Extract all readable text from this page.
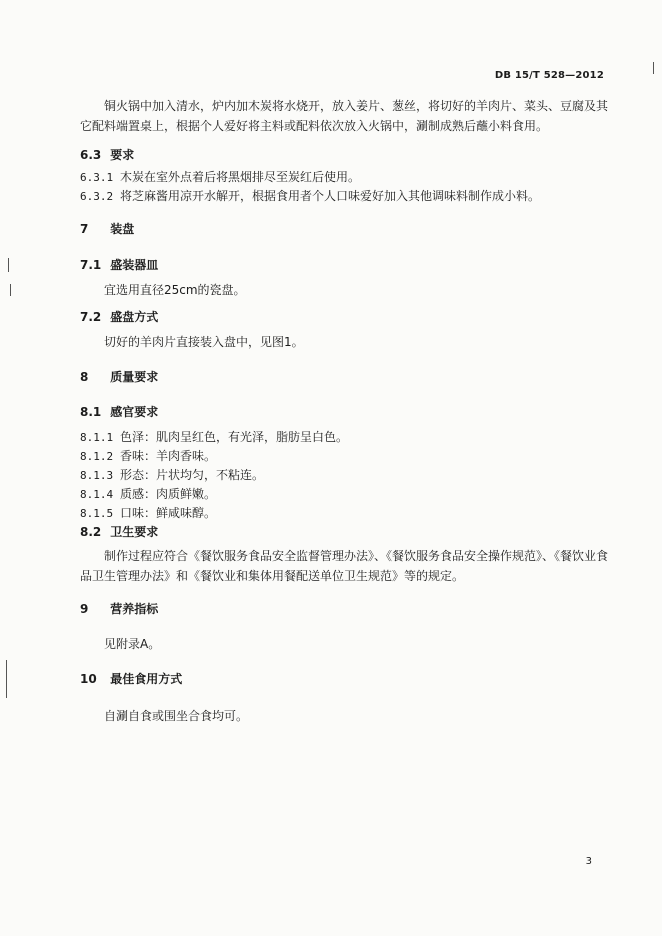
DB 15/T 528—2012

铜火锅中加入清水，炉内加木炭将水烧开，放入姜片、葱丝，将切好的羊肉片、菜头、豆腐及其它配料端置桌上，根据个人爱好将主料或配料依次放入火锅中，涮制成熟后蘸小料食用。

6.3 要求

6.3.1 木炭在室外点着后将黑烟排尽至炭红后使用。

6.3.2 将芝麻酱用凉开水解开，根据食用者个人口味爱好加入其他调味料制作成小料。

7 装盘

7.1 盛装器皿

宜选用直径25cm的瓷盘。

7.2 盛盘方式

切好的羊肉片直接装入盘中，见图1。

8 质量要求

8.1 感官要求

8.1.1 色泽：肌肉呈红色，有光泽，脂肪呈白色。

8.1.2 香味：羊肉香味。

8.1.3 形态：片状均匀，不粘连。

8.1.4 质感：肉质鲜嫩。

8.1.5 口味：鲜咸味醇。

8.2 卫生要求

制作过程应符合《餐饮服务食品安全监督管理办法》、《餐饮服务食品安全操作规范》、《餐饮业食品卫生管理办法》和《餐饮业和集体用餐配送单位卫生规范》等的规定。

9 营养指标

见附录A。

10 最佳食用方式

自涮自食或围坐合食均可。

3
